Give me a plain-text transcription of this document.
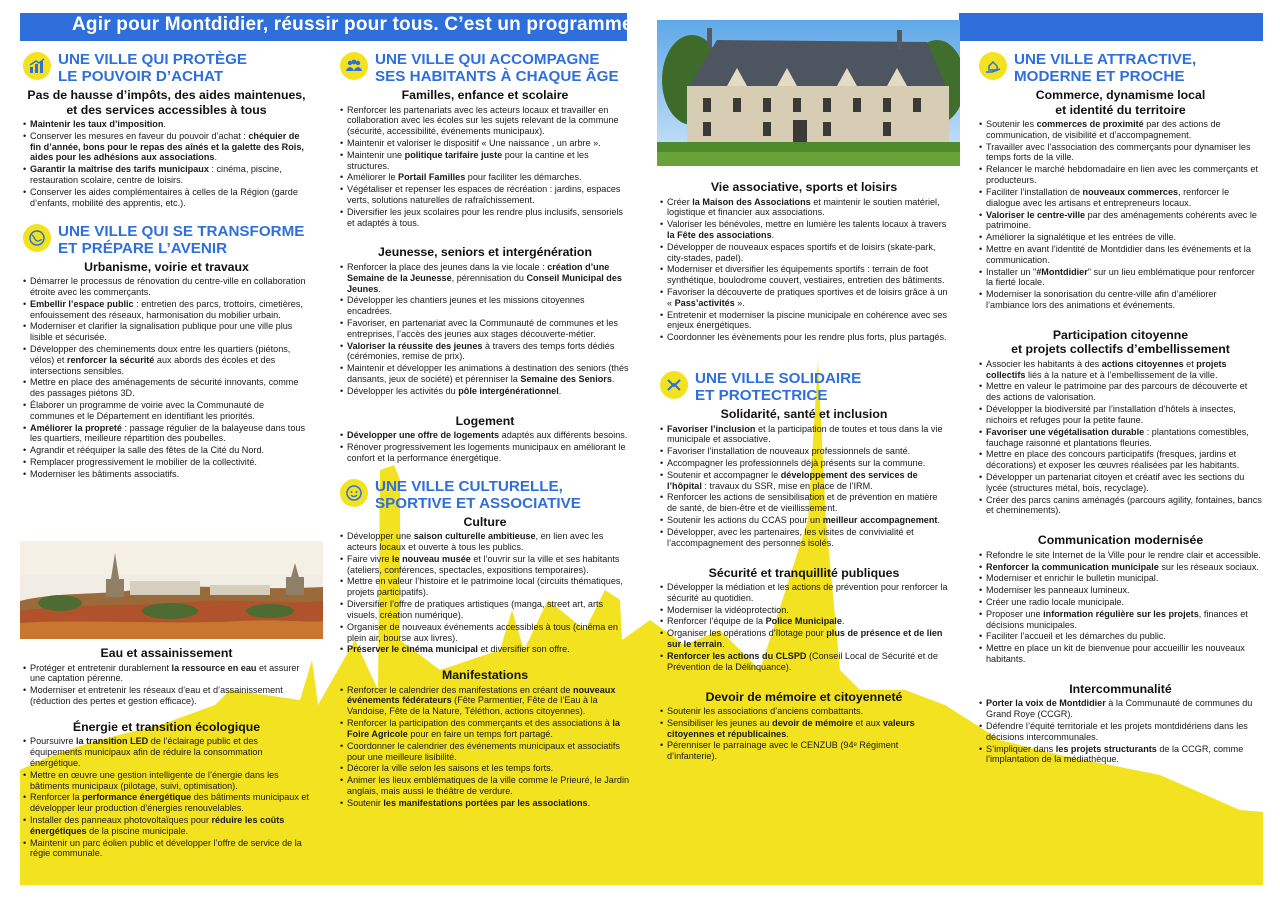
Agir pour Montdidier, réussir pour tous. C’est un programme :
UNE VILLE QUI PROTÈGE
LE POUVOIR D’ACHAT
Pas de hausse d’impôts, des aides maintenues,
et des services accessibles à tous
• Maintenir les taux d’imposition.
• Conserver les mesures en faveur du pouvoir d’achat : chéquier de fin d’année, bons pour le repas des aînés et la galette des Rois, aides pour les adhésions aux associations.
• Garantir la maîtrise des tarifs municipaux : cinéma, piscine, restauration scolaire, centre de loisirs.
• Conserver les aides complémentaires à celles de la Région (garde d’enfants, mobilité des apprentis, etc.).
UNE VILLE QUI SE TRANSFORME
ET PRÉPARE L’AVENIR
Urbanisme, voirie et travaux
• Démarrer le processus de rénovation du centre-ville en collaboration étroite avec les commerçants.
• Embellir l’espace public : entretien des parcs, trottoirs, cimetières, enfouissement des réseaux, harmonisation du mobilier urbain.
• Moderniser et clarifier la signalisation publique pour une ville plus lisible et sécurisée.
• Développer des cheminements doux entre les quartiers (piétons, vélos) et renforcer la sécurité aux abords des écoles et des intersections sensibles.
• Mettre en place des aménagements de sécurité innovants, comme des passages piétons 3D.
• Élaborer un programme de voirie avec la Communauté de communes et le Département en identifiant les priorités.
• Améliorer la propreté : passage régulier de la balayeuse dans tous les quartiers, meilleure répartition des poubelles.
• Agrandir et rééquiper la salle des fêtes de la Cité du Nord.
• Remplacer progressivement le mobilier de la collectivité.
• Moderniser les bâtiments associatifs.
Eau et assainissement
• Protéger et entretenir durablement la ressource en eau et assurer une captation pérenne.
• Moderniser et entretenir les réseaux d’eau et d’assainissement (réduction des pertes et gestion efficace).
Énergie et transition écologique
• Poursuivre la transition LED de l’éclairage public et des équipements municipaux afin de réduire la consommation énergétique.
• Mettre en œuvre une gestion intelligente de l’énergie dans les bâtiments municipaux (pilotage, suivi, optimisation).
• Renforcer la performance énergétique des bâtiments municipaux et développer leur production d’énergies renouvelables.
• Installer des panneaux photovoltaïques pour réduire les coûts énergétiques de la piscine municipale.
• Maintenir un parc éolien public et développer l’offre de service de la régie communale.
UNE VILLE QUI ACCOMPAGNE
SES HABITANTS À CHAQUE ÂGE
Familles, enfance et scolaire
• Renforcer les partenariats avec les acteurs locaux et travailler en collaboration avec les écoles sur les sujets relevant de la commune (sécurité, accessibilité, événements municipaux).
• Maintenir et valoriser le dispositif « Une naissance , un arbre ».
• Maintenir une politique tarifaire juste pour la cantine et les structures.
• Améliorer le Portail Familles pour faciliter les démarches.
• Végétaliser et repenser les espaces de récréation : jardins, espaces verts, solutions naturelles de rafraîchissement.
• Diversifier les jeux scolaires pour les rendre plus inclusifs, sensoriels et adaptés à tous.
Jeunesse, seniors et intergénération
• Renforcer la place des jeunes dans la vie locale : création d’une Semaine de la Jeunesse, pérennisation du Conseil Municipal des Jeunes.
• Développer les chantiers jeunes et les missions citoyennes encadrées.
• Favoriser, en partenariat avec la Communauté de communes et les entreprises, l’accès des jeunes aux stages découverte-métier.
• Valoriser la réussite des jeunes à travers des temps forts dédiés (cérémonies, remise de prix).
• Maintenir et développer les animations à destination des seniors (thés dansants, jeux de société) et pérenniser la Semaine des Seniors.
• Développer les activités du pôle intergénérationnel.
Logement
• Développer une offre de logements adaptés aux différents besoins.
• Rénover progressivement les logements municipaux en améliorant le confort et la performance énergétique.
UNE VILLE CULTURELLE,
SPORTIVE ET ASSOCIATIVE
Culture
• Développer une saison culturelle ambitieuse, en lien avec les acteurs locaux et ouverte à tous les publics.
• Faire vivre le nouveau musée et l’ouvrir sur la ville et ses habitants (ateliers, conférences, spectacles, expositions temporaires).
• Mettre en valeur l’histoire et le patrimoine local (circuits thématiques, projets participatifs).
• Diversifier l’offre de pratiques artistiques (manga, street art, arts visuels, création numérique).
• Organiser de nouveaux événements accessibles à tous (cinéma en plein air, bourse aux livres).
• Préserver le cinéma municipal et diversifier son offre.
Manifestations
• Renforcer le calendrier des manifestations en créant de nouveaux événements fédérateurs (Fête Parmentier, Fête de l’Eau à la Vandoise, Fête de la Nature, Téléthon, actions citoyennes).
• Renforcer la participation des commerçants et des associations à la Foire Agricole pour en faire un temps fort partagé.
• Coordonner le calendrier des événements municipaux et associatifs pour une meilleure lisibilité.
• Décorer la ville selon les saisons et les temps forts.
• Animer les lieux emblématiques de la ville comme le Prieuré, le Jardin anglais, mais aussi le théâtre de verdure.
• Soutenir les manifestations portées par les associations.
Vie associative, sports et loisirs
• Créer la Maison des Associations et maintenir le soutien matériel, logistique et financier aux associations.
• Valoriser les bénévoles, mettre en lumière les talents locaux à travers la Fête des associations.
• Développer de nouveaux espaces sportifs et de loisirs (skate-park, city-stades, padel).
• Moderniser et diversifier les équipements sportifs : terrain de foot synthétique, boulodrome couvert, vestiaires, entretien des bâtiments.
• Favoriser la découverte de pratiques sportives et de loisirs grâce à un « Pass’activités ».
• Entretenir et moderniser la piscine municipale en cohérence avec ses enjeux énergétiques.
• Coordonner les évènements pour les rendre plus forts, plus partagés.
UNE VILLE SOLIDAIRE
ET PROTECTRICE
Solidarité, santé et inclusion
• Favoriser l’inclusion et la participation de toutes et tous dans la vie municipale et associative.
• Favoriser l’installation de nouveaux professionnels de santé.
• Accompagner les professionnels déjà présents sur la commune.
• Soutenir et accompagner le développement des services de l’hôpital : travaux du SSR, mise en place de l’IRM.
• Renforcer les actions de sensibilisation et de prévention en matière de santé, de bien-être et de vieillissement.
• Soutenir les actions du CCAS pour un meilleur accompagnement.
• Développer, avec les partenaires, les visites de convivialité et l’accompagnement des personnes isolés.
Sécurité et tranquillité publiques
• Développer la médiation et les actions de prévention pour renforcer la sécurité au quotidien.
• Moderniser la vidéoprotection.
• Renforcer l’équipe de la Police Municipale.
• Organiser les opérations d’îlotage pour plus de présence et de lien sur le terrain.
• Renforcer les actions du CLSPD (Conseil Local de Sécurité et de Prévention de la Délinquance).
Devoir de mémoire et citoyenneté
• Soutenir les associations d’anciens combattants.
• Sensibiliser les jeunes au devoir de mémoire et aux valeurs citoyennes et républicaines.
• Pérenniser le parrainage avec le CENZUB (94ᵉ Régiment d’infanterie).
UNE VILLE ATTRACTIVE,
MODERNE ET PROCHE
Commerce, dynamisme local
et identité du territoire
• Soutenir les commerces de proximité par des actions de communication, de visibilité et d’accompagnement.
• Travailler avec l’association des commerçants pour dynamiser les temps forts de la ville.
• Relancer le marché hebdomadaire en lien avec les commerçants et producteurs.
• Faciliter l’installation de nouveaux commerces, renforcer le dialogue avec les artisans et entrepreneurs locaux.
• Valoriser le centre-ville par des aménagements cohérents avec le patrimoine.
• Améliorer la signalétique et les entrées de ville.
• Mettre en avant l’identité de Montdidier dans les événements et la communication.
• Installer un "#Montdidier" sur un lieu emblématique pour renforcer la fierté locale.
• Moderniser la sonorisation du centre-ville afin d’améliorer l’ambiance lors des animations et événements.
Participation citoyenne
et projets collectifs d’embellissement
• Associer les habitants à des actions citoyennes et projets collectifs liés à la nature et à l’embellissement de la ville.
• Mettre en valeur le patrimoine par des parcours de découverte et des actions de valorisation.
• Développer la biodiversité par l’installation d’hôtels à insectes, nichoirs et refuges pour la petite faune.
• Favoriser une végétalisation durable : plantations comestibles, fauchage raisonné et plantations fleuries.
• Mettre en place des concours participatifs (fresques, jardins et décorations) et exposer les œuvres réalisées par les habitants.
• Développer un partenariat citoyen et créatif avec les sections du lycée (structures métal, bois, recyclage).
• Créer des parcs canins aménagés (parcours agility, fontaines, bancs et cheminements).
Communication modernisée
• Refondre le site Internet de la Ville pour le rendre clair et accessible.
• Renforcer la communication municipale sur les réseaux sociaux.
• Moderniser et enrichir le bulletin municipal.
• Moderniser les panneaux lumineux.
• Créer une radio locale municipale.
• Proposer une information régulière sur les projets, finances et décisions municipales.
• Faciliter l’accueil et les démarches du public.
• Mettre en place un kit de bienvenue pour accueillir les nouveaux habitants.
Intercommunalité
• Porter la voix de Montdidier à la Communauté de communes du Grand Roye (CCGR).
• Défendre l’équité territoriale et les projets montdidériens dans les décisions intercommunales.
• S’impliquer dans les projets structurants de la CCGR, comme l’implantation de la médiathèque.
